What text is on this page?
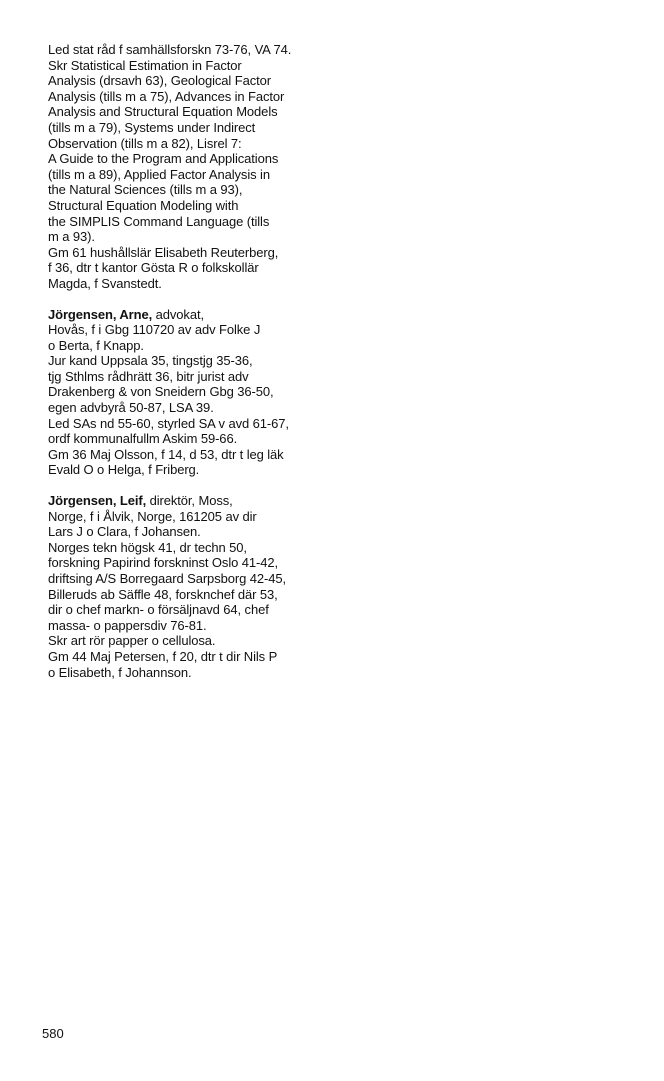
Led stat råd f samhällsforskn 73-76, VA 74.
Skr Statistical Estimation in Factor
Analysis (drsavh 63), Geological Factor
Analysis (tills m a 75), Advances in Factor
Analysis and Structural Equation Models
(tills m a 79), Systems under Indirect
Observation (tills m a 82), Lisrel 7:
A Guide to the Program and Applications
(tills m a 89), Applied Factor Analysis in
the Natural Sciences (tills m a 93),
Structural Equation Modeling with
the SIMPLIS Command Language (tills
m a 93).
Gm 61 hushållslär Elisabeth Reuterberg,
f 36, dtr t kantor Gösta R o folkskollär
Magda, f Svanstedt.
Jörgensen, Arne, advokat,
Hovås, f i Gbg 110720 av adv Folke J
o Berta, f Knapp.
Jur kand Uppsala 35, tingstjg 35-36,
tjg Sthlms rådhrätt 36, bitr jurist adv
Drakenberg & von Sneidern Gbg 36-50,
egen advbyrå 50-87, LSA 39.
Led SAs nd 55-60, styrled SA v avd 61-67,
ordf kommunalfullm Askim 59-66.
Gm 36 Maj Olsson, f 14, d 53, dtr t leg läk
Evald O o Helga, f Friberg.
Jörgensen, Leif, direktör, Moss,
Norge, f i Ålvik, Norge, 161205 av dir
Lars J o Clara, f Johansen.
Norges tekn högsk 41, dr techn 50,
forskning Papirind forskninst Oslo 41-42,
driftsing A/S Borregaard Sarpsborg 42-45,
Billeruds ab Säffle 48, forsknchef där 53,
dir o chef markn- o försäljnavd 64, chef
massa- o pappersdiv 76-81.
Skr art rör papper o cellulosa.
Gm 44 Maj Petersen, f 20, dtr t dir Nils P
o Elisabeth, f Johannson.
580
